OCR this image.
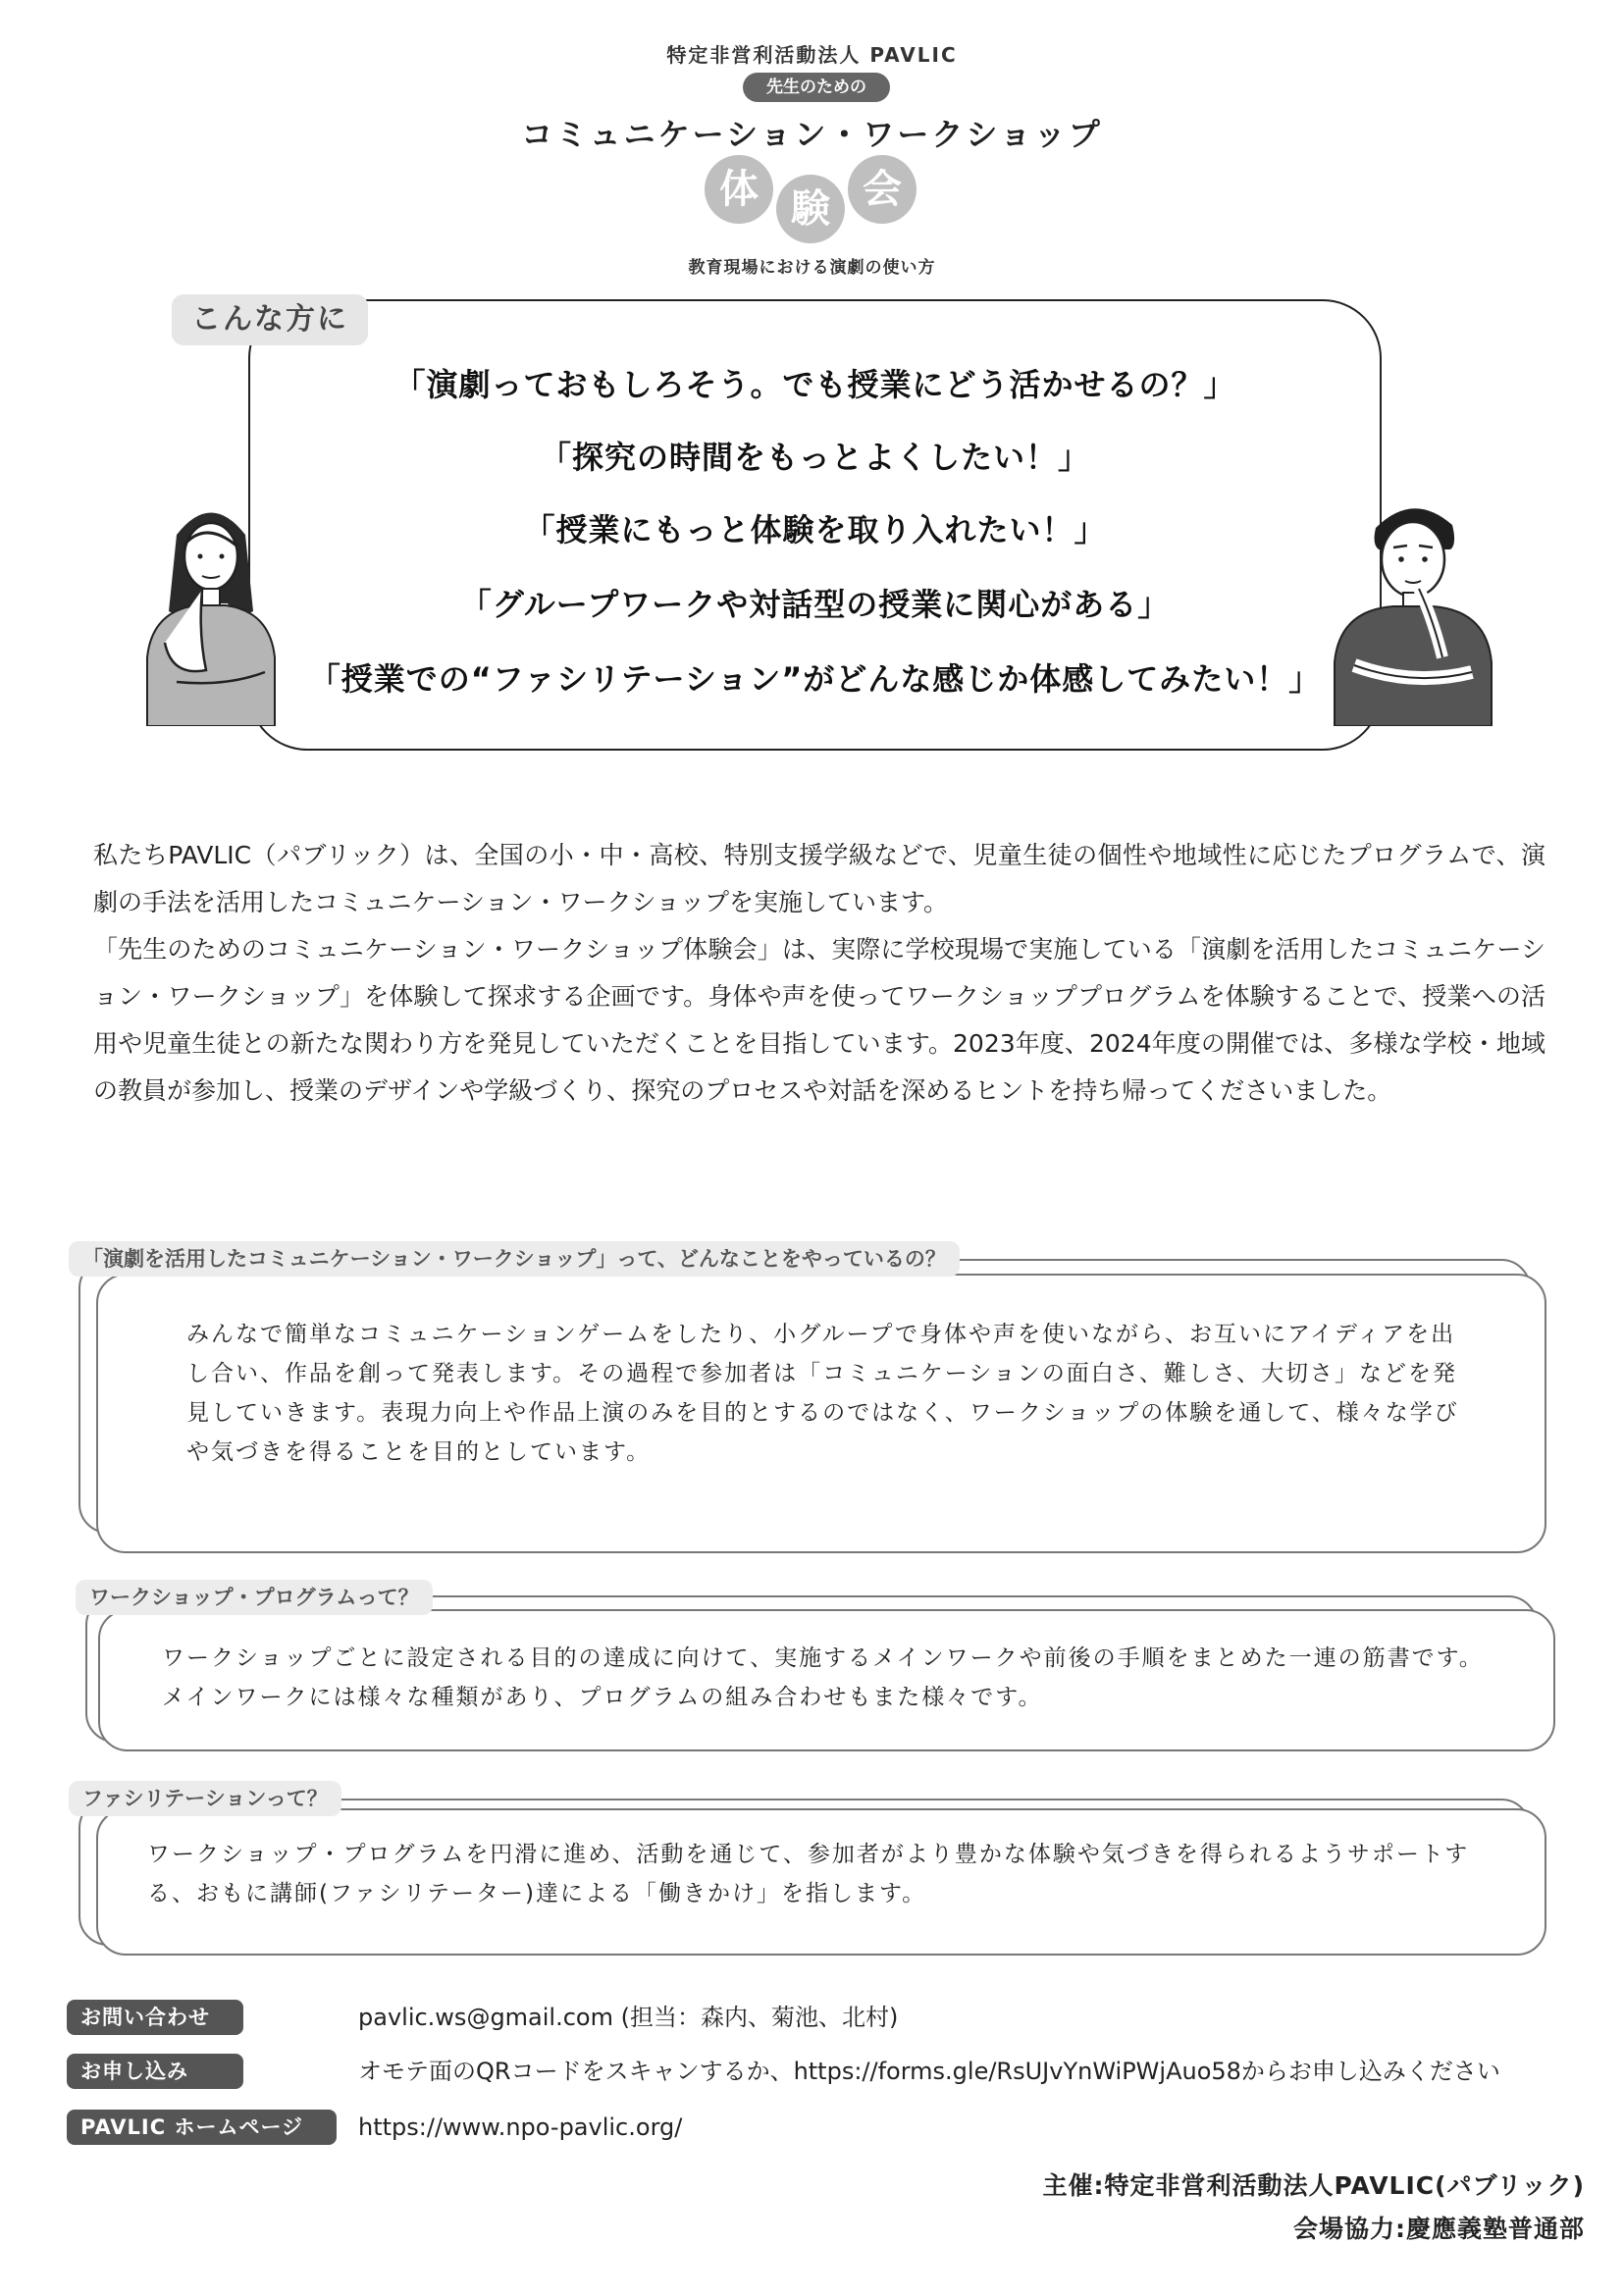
特定非営利活動法人 PAVLIC
先生のための
コミュニケーション・ワークショップ
体 験 会
教育現場における演劇の使い方
こんな方に
「演劇っておもしろそう。でも授業にどう活かせるの？」
「探究の時間をもっとよくしたい！」
「授業にもっと体験を取り入れたい！」
「グループワークや対話型の授業に関心がある」
「授業での“ファシリテーション”がどんな感じか体感してみたい！」
私たちPAVLIC（パブリック）は、全国の小・中・高校、特別支援学級などで、児童生徒の個性や地域性に応じたプログラムで、演劇の手法を活用したコミュニケーション・ワークショップを実施しています。
「先生のためのコミュニケーション・ワークショップ体験会」は、実際に学校現場で実施している「演劇を活用したコミュニケーション・ワークショップ」を体験して探求する企画です。身体や声を使ってワークショッププログラムを体験することで、授業への活用や児童生徒との新たな関わり方を発見していただくことを目指しています。2023年度、2024年度の開催では、多様な学校・地域の教員が参加し、授業のデザインや学級づくり、探究のプロセスや対話を深めるヒントを持ち帰ってくださいました。
「演劇を活用したコミュニケーション・ワークショップ」って、どんなことをやっているの？
みんなで簡単なコミュニケーションゲームをしたり、小グループで身体や声を使いながら、お互いにアイディアを出し合い、作品を創って発表します。その過程で参加者は「コミュニケーションの面白さ、難しさ、大切さ」などを発見していきます。表現力向上や作品上演のみを目的とするのではなく、ワークショップの体験を通して、様々な学びや気づきを得ることを目的としています。
ワークショップ・プログラムって？
ワークショップごとに設定される目的の達成に向けて、実施するメインワークや前後の手順をまとめた一連の筋書です。メインワークには様々な種類があり、プログラムの組み合わせもまた様々です。
ファシリテーションって？
ワークショップ・プログラムを円滑に進め、活動を通じて、参加者がより豊かな体験や気づきを得られるようサポートする、おもに講師(ファシリテーター)達による「働きかけ」を指します。
お問い合わせ	pavlic.ws@gmail.com (担当：森内、菊池、北村)
お申し込み	オモテ面のQRコードをスキャンするか、https://forms.gle/RsUJvYnWiPWjAuo58からお申し込みください
PAVLIC ホームページ	https://www.npo-pavlic.org/
主催:特定非営利活動法人PAVLIC(パブリック)
会場協力:慶應義塾普通部
